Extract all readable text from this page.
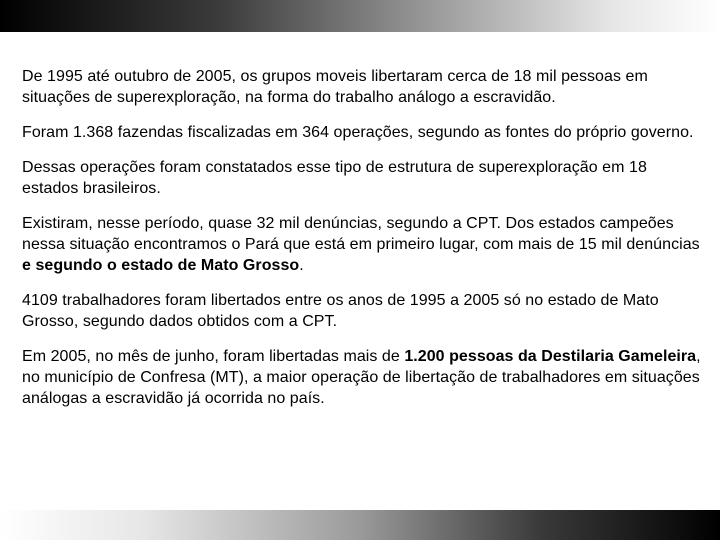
De 1995 até outubro de 2005, os grupos moveis libertaram cerca de 18 mil pessoas em situações de superexploração, na forma do trabalho análogo a escravidão.

Foram 1.368 fazendas fiscalizadas em 364 operações, segundo as fontes do próprio governo.

Dessas operações foram constatados esse tipo de estrutura de superexploração em 18 estados brasileiros.

Existiram, nesse período, quase 32 mil denúncias, segundo a CPT. Dos estados campeões nessa situação encontramos o Pará que está em primeiro lugar, com mais de 15 mil denúncias e segundo o estado de Mato Grosso.

4109 trabalhadores foram libertados entre os anos de 1995 a 2005 só no estado de Mato Grosso, segundo dados obtidos com a CPT.

Em 2005, no mês de junho, foram libertadas mais de 1.200 pessoas da Destilaria Gameleira, no município de Confresa (MT), a maior operação de libertação de trabalhadores em situações análogas a escravidão já ocorrida no país.
